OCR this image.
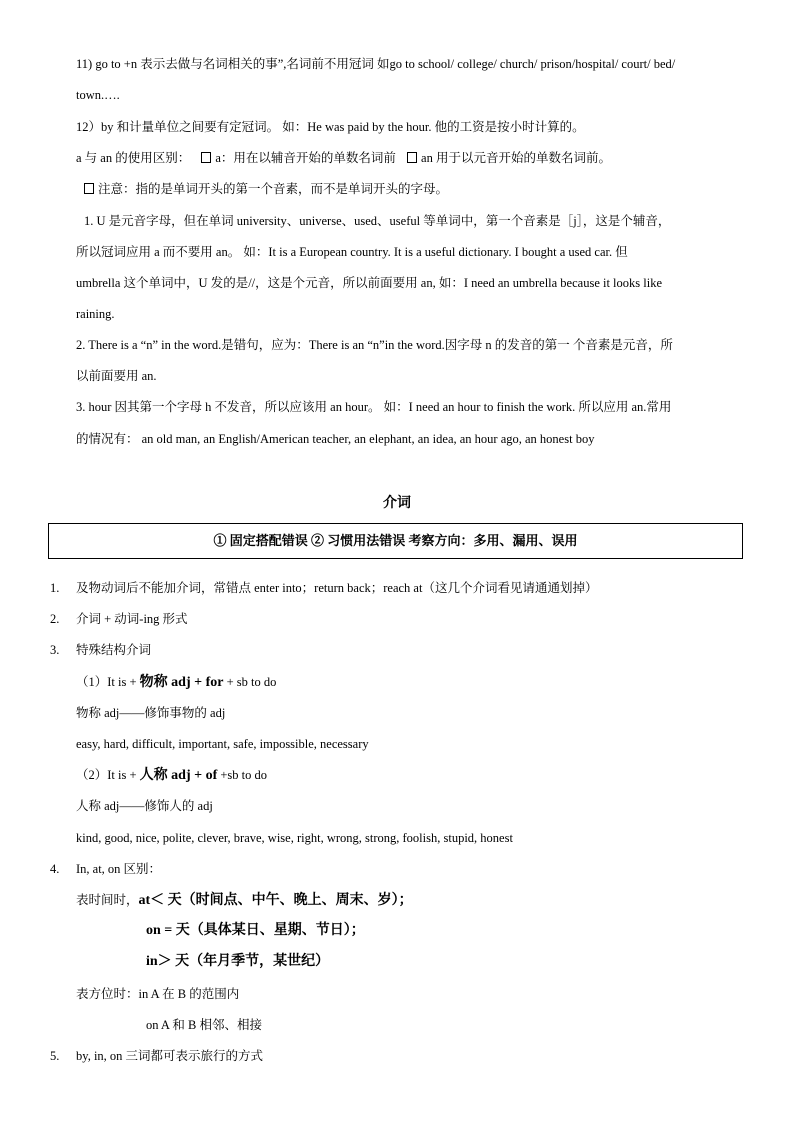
11) go to +n 表示去做与名词相关的事”,名词前不用冠词 如go to school/ college/ church/ prison/hospital/ court/ bed/
town.….
12）by 和计量单位之间要有定冠词。 如：He was paid by the hour. 他的工资是按小时计算的。
a 与 an 的使用区别： a：用在以辅音开始的单数名词前 an 用于以元音开始的单数名词前。
注意：指的是单词开头的第一个音素，而不是单词开头的字母。
1. U 是元音字母，但在单词 university、universe、used、useful 等单词中，第一个音素是［j］，这是个辅音，
所以冠词应用 a 而不要用 an。 如：It is a European country. It is a useful dictionary. I bought a used car. 但
umbrella 这个单词中，U 发的是//，这是个元音，所以前面要用 an, 如：I need an umbrella because it looks like
raining.
2. There is a “n” in the word.是错句，应为：There is an “n”in the word.因字母 n 的发音的第一 个音素是元音，所
以前面要用 an.
3. hour 因其第一个字母 h 不发音，所以应该用 an hour。 如：I need an hour to finish the work. 所以应用 an.常用
的情况有： an old man, an English/American teacher, an elephant, an idea, an hour ago, an honest boy
介词
① 固定搭配错误 ② 习惯用法错误 考察方向：多用、漏用、误用
1. 及物动词后不能加介词，常错点 enter into；return back；reach at（这几个介词看见请通通划掉）
2. 介词 + 动词-ing 形式
3. 特殊结构介词
（1）It is + 物称 adj + for + sb to do
物称 adj——修饰事物的 adj
easy, hard, difficult, important, safe, impossible, necessary
（2）It is + 人称 adj + of +sb to do
人称 adj——修饰人的 adj
kind, good, nice, polite, clever, brave, wise, right, wrong, strong, foolish, stupid, honest
4. In, at, on 区别：
表时间时，at＜ 天（时间点、中午、晚上、周末、岁）；
on = 天（具体某日、星期、节日）；
in＞ 天（年月季节，某世纪）
表方位时：in A 在 B 的范围内
on A 和 B 相邻、相接
5. by, in, on 三词都可表示旅行的方式
